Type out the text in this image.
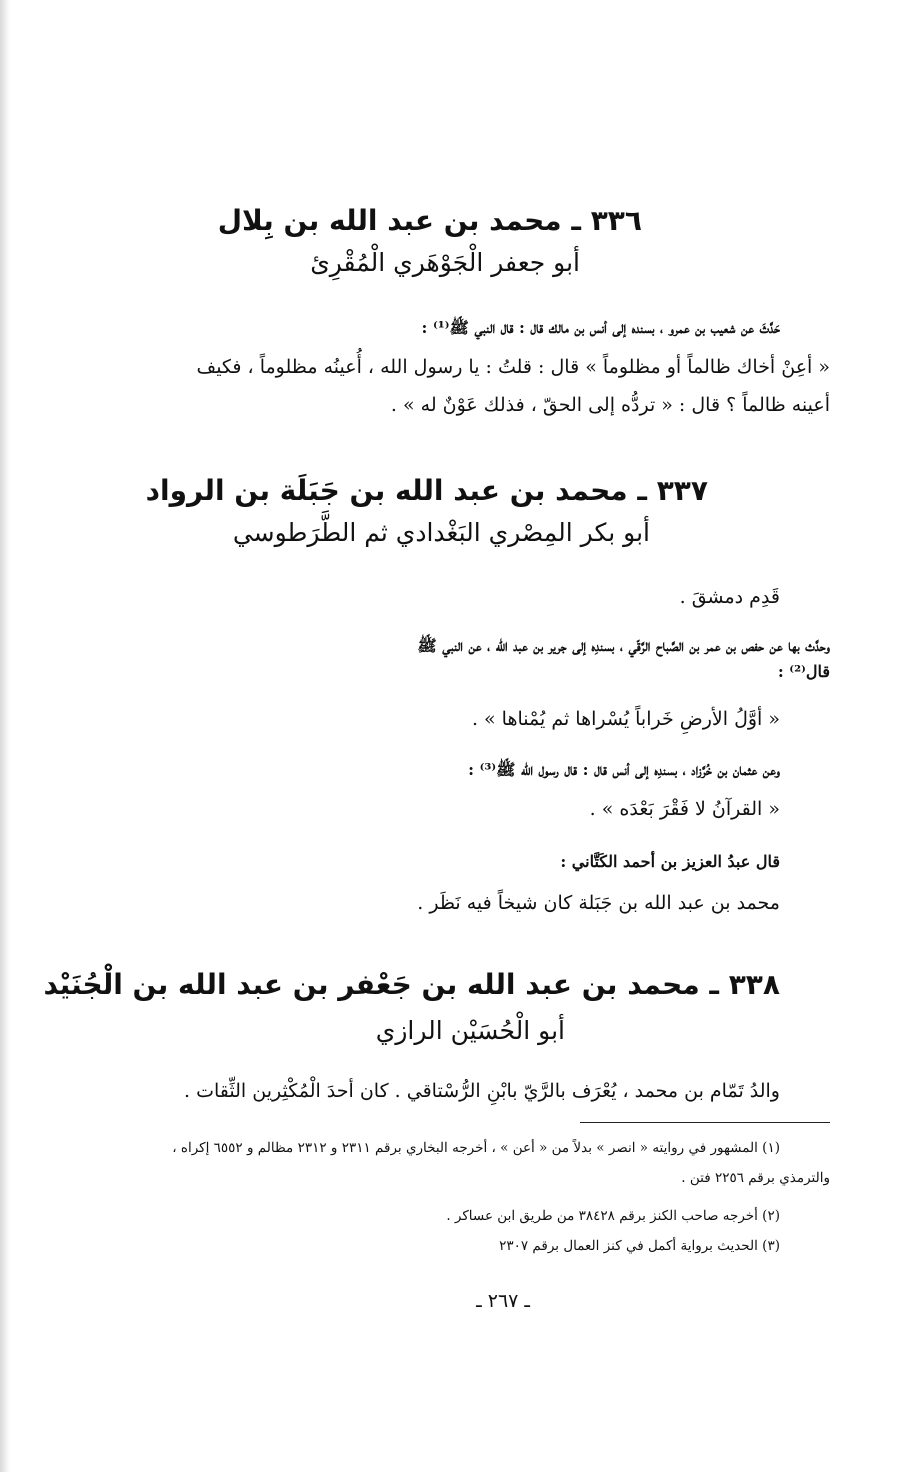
٣٣٦ ـ محمد بن عبد الله بن بِلال
أبو جعفر الْجَوْهَري الْمُقْرِئ
حَدَّثَ عن شعيب بن عمرو ، بسنده إلى أنس بن مالك قال : قال النبي ﷺ⁽¹⁾ :
« أعِنْ أخاك ظالماً أو مظلوماً » قال : قلتُ : يا رسول الله ، أُعينُه مظلوماً ، فكيف
أعينه ظالماً ؟ قال : « تردُّه إلى الحقّ ، فذلك عَوْنٌ له » .
٣٣٧ ـ محمد بن عبد الله بن جَبَلَة بن الرواد
أبو بكر المِصْري البَغْدادي ثم الطَّرَطوسي
قَدِم دمشقَ .
وحدَّث بها عن حفص بن عمر بن الصَّباح الرَّقّي ، بسندِه إلى جرير بن عبد الله ، عن النبي ﷺ
قال⁽²⁾ :
« أوَّلُ الأرضِ خَراباً يُسْراها ثم يُمْناها » .
وعن عثمان بن خُرَّزاد ، بسندِه إلى أنس قال : قال رسول الله ﷺ⁽³⁾ :
« القرآنُ لا فَقْرَ بَعْدَه » .
قال عبدُ العزيز بن أحمد الكَتَّاني :
محمد بن عبد الله بن جَبَلة كان شيخاً فيه نَظَر .
٣٣٨ ـ محمد بن عبد الله بن جَعْفر بن عبد الله بن الْجُنَيْد
أبو الْحُسَيْن الرازي
والدُ تَمّام بن محمد ، يُعْرَف بالرَّيّ بابْنِ الرُّسْتاقي . كان أحدَ الْمُكْثِرين الثِّقات .
(١) المشهور في روايته « انصر » بدلاً من « أعن » ، أخرجه البخاري برقم ٢٣١١ و ٢٣١٢ مظالم و ٦٥٥٢ إكراه ،
والترمذي برقم ٢٢٥٦ فتن .
(٢) أخرجه صاحب الكنز برقم ٣٨٤٢٨ من طريق ابن عساكر .
(٣) الحديث برواية أكمل في كنز العمال برقم ٢٣٠٧
ـ ٢٦٧ ـ
